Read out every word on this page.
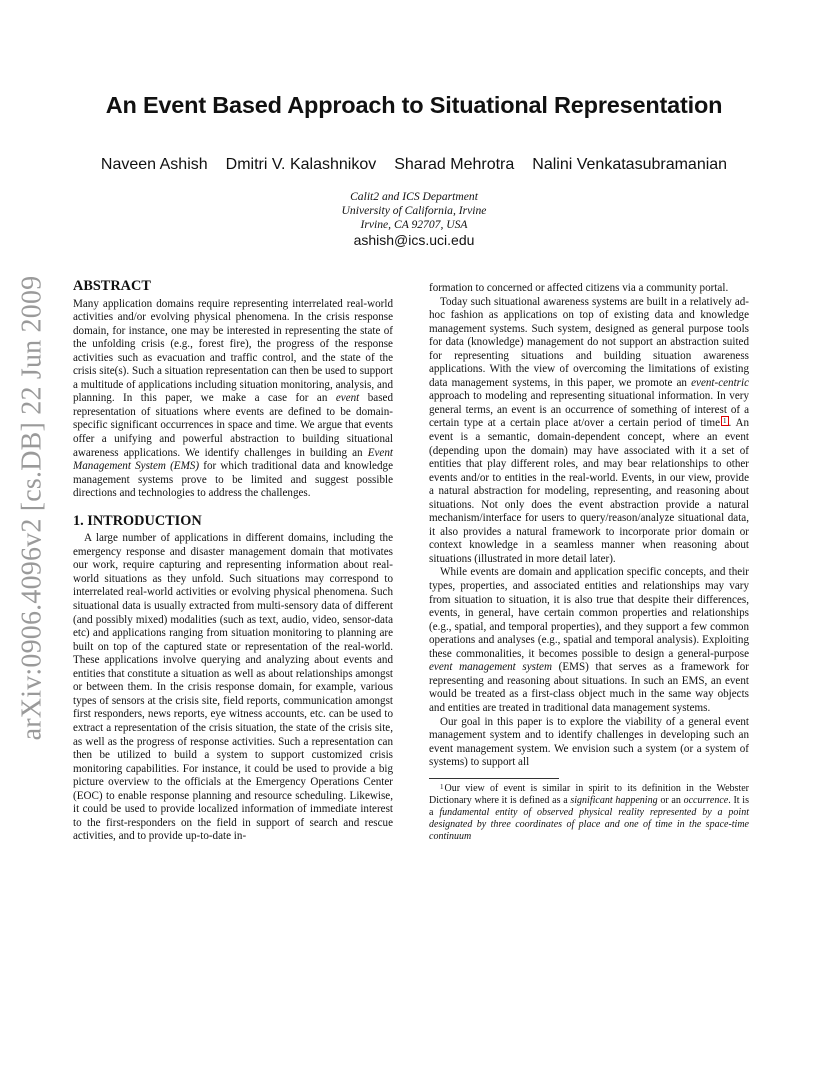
An Event Based Approach to Situational Representation
Naveen Ashish Dmitri V. Kalashnikov Sharad Mehrotra Nalini Venkatasubramanian
Calit2 and ICS Department
University of California, Irvine
Irvine, CA 92707, USA
ashish@ics.uci.edu
arXiv:0906.4096v2 [cs.DB] 22 Jun 2009 ABSTRACT

Many application domains require representing interrelated real-world activities and/or evolving physical phenomena. In the crisis response domain, for instance, one may be interested in representing the state of the unfolding crisis (e.g., forest fire), the progress of the response activities such as evacuation and traffic control, and the state of the crisis site(s). Such a situation representation can then be used to support a multitude of applications including situation monitoring, analysis, and planning. In this paper, we make a case for an event based representation of situations where events are defined to be domain-specific significant occurrences in space and time. We argue that events offer a unifying and powerful abstraction to building situational awareness applications. We identify challenges in building an Event Management System (EMS) for which traditional data and knowledge management systems prove to be limited and suggest possible directions and technologies to address the challenges.

1. INTRODUCTION

A large number of applications in different domains, including the emergency response and disaster management domain that motivates our work, require capturing and representing information about real-world situations as they unfold. Such situations may correspond to interrelated real-world activities or evolving physical phenomena. Such situational data is usually extracted from multi-sensory data of different (and possibly mixed) modalities (such as text, audio, video, sensor-data etc) and applications ranging from situation monitoring to planning are built on top of the captured state or representation of the real-world. These applications involve querying and analyzing about events and entities that constitute a situation as well as about relationships amongst or between them. In the crisis response domain, for example, various types of sensors at the crisis site, field reports, communication amongst first responders, news reports, eye witness accounts, etc. can be used to extract a representation of the crisis situation, the state of the crisis site, as well as the progress of response activities. Such a representation can then be utilized to build a system to support customized crisis monitoring capabilities. For instance, it could be used to provide a big picture overview to the officials at the Emergency Operations Center (EOC) to enable response planning and resource scheduling. Likewise, it could be used to provide localized information of immediate interest to the first-responders on the field in support of search and rescue activities, and to provide up-to-date in-

formation to concerned or affected citizens via a community portal.

Today such situational awareness systems are built in a relatively ad-hoc fashion as applications on top of existing data and knowledge management systems. Such system, designed as general purpose tools for data (knowledge) management do not support an abstraction suited for representing situations and building situation awareness applications. With the view of overcoming the limitations of existing data management systems, in this paper, we promote an event-centric approach to modeling and representing situational information. In very general terms, an event is an occurrence of something of interest of a certain type at a certain place at/over a certain period of time $^1$ . An event is a semantic, domain-dependent concept, where an event (depending upon the domain) may have associated with it a set of entities that play different roles, and may bear relationships to other events and/or to entities in the real-world. Events, in our view, provide a natural abstraction for modeling, representing, and reasoning about situations. Not only does the event abstraction provide a natural mechanism/interface for users to query/reason/analyze situational data, it also provides a natural framework to incorporate prior domain or context knowledge in a seamless manner when reasoning about situations (illustrated in more detail later).

While events are domain and application specific concepts, and their types, properties, and associated entities and relationships may vary from situation to situation, it is also true that despite their differences, events, in general, have certain common properties and relationships (e.g., spatial, and temporal properties), and they support a few common operations and analyses (e.g., spatial and temporal analysis). Exploiting these commonalities, it becomes possible to design a general-purpose event management system (EMS) that serves as a framework for representing and reasoning about situations. In such an EMS, an event would be treated as a first-class object much in the same way objects and entities are treated in traditional data management systems.

Our goal in this paper is to explore the viability of a general event management system and to identify challenges in developing such an event management system. We envision such a system (or a system of systems) to support all

$^1$Our view of event is similar in spirit to its definition in the Webster Dictionary where it is defined as a significant happening or an occurrence. It is a fundamental entity of observed physical reality represented by a point designated by three coordinates of place and one of time in the space-time continuum
